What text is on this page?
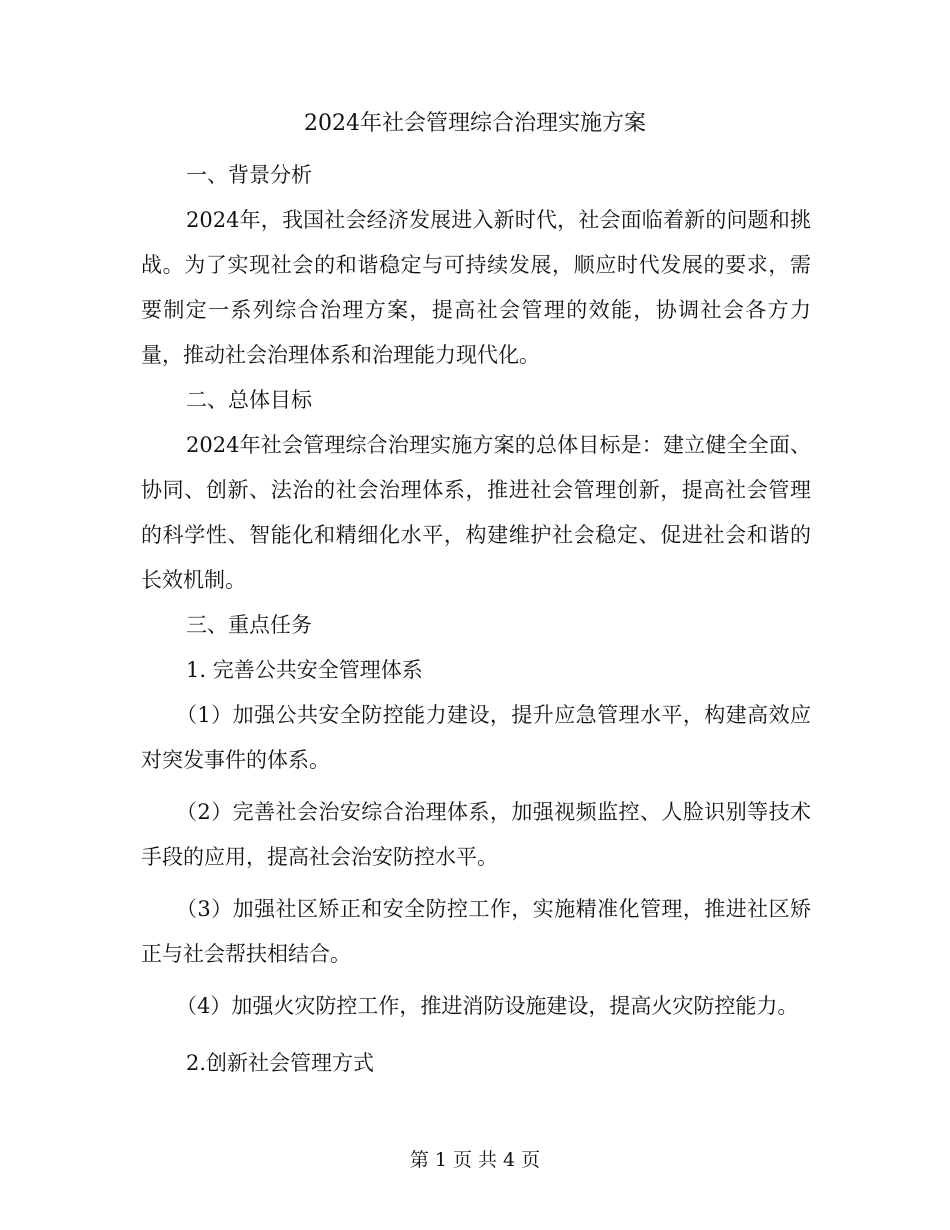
2024年社会管理综合治理实施方案

一、背景分析

2024年，我国社会经济发展进入新时代，社会面临着新的问题和挑战。为了实现社会的和谐稳定与可持续发展，顺应时代发展的要求，需要制定一系列综合治理方案，提高社会管理的效能，协调社会各方力量，推动社会治理体系和治理能力现代化。

二、总体目标

2024年社会管理综合治理实施方案的总体目标是：建立健全全面、协同、创新、法治的社会治理体系，推进社会管理创新，提高社会管理的科学性、智能化和精细化水平，构建维护社会稳定、促进社会和谐的长效机制。

三、重点任务

1. 完善公共安全管理体系

（1）加强公共安全防控能力建设，提升应急管理水平，构建高效应对突发事件的体系。

（2）完善社会治安综合治理体系，加强视频监控、人脸识别等技术手段的应用，提高社会治安防控水平。

（3）加强社区矫正和安全防控工作，实施精准化管理，推进社区矫正与社会帮扶相结合。

（4）加强火灾防控工作，推进消防设施建设，提高火灾防控能力。

2.创新社会管理方式

第 1 页 共 4 页
